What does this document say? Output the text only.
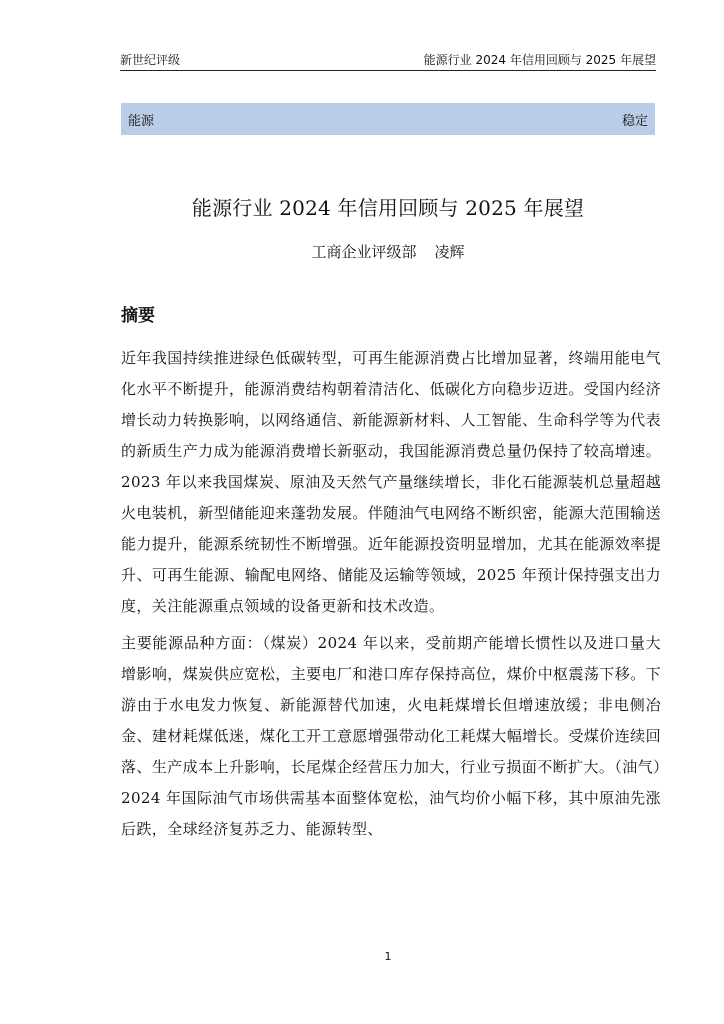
新世纪评级	能源行业 2024 年信用回顾与 2025 年展望
能源	稳定
能源行业 2024 年信用回顾与 2025 年展望
工商企业评级部 凌辉
摘要

近年我国持续推进绿色低碳转型，可再生能源消费占比增加显著，终端用能电气化水平不断提升，能源消费结构朝着清洁化、低碳化方向稳步迈进。受国内经济增长动力转换影响，以网络通信、新能源新材料、人工智能、生命科学等为代表的新质生产力成为能源消费增长新驱动，我国能源消费总量仍保持了较高增速。2023 年以来我国煤炭、原油及天然气产量继续增长，非化石能源装机总量超越火电装机，新型储能迎来蓬勃发展。伴随油气电网络不断织密，能源大范围输送能力提升，能源系统韧性不断增强。近年能源投资明显增加，尤其在能源效率提升、可再生能源、输配电网络、储能及运输等领域，2025 年预计保持强支出力度，关注能源重点领域的设备更新和技术改造。

主要能源品种方面：（煤炭）2024 年以来，受前期产能增长惯性以及进口量大增影响，煤炭供应宽松，主要电厂和港口库存保持高位，煤价中枢震荡下移。下游由于水电发力恢复、新能源替代加速，火电耗煤增长但增速放缓；非电侧冶金、建材耗煤低迷，煤化工开工意愿增强带动化工耗煤大幅增长。受煤价连续回落、生产成本上升影响，长尾煤企经营压力加大，行业亏损面不断扩大。（油气）2024 年国际油气市场供需基本面整体宽松，油气均价小幅下移，其中原油先涨后跌，全球经济复苏乏力、能源转型、

1
